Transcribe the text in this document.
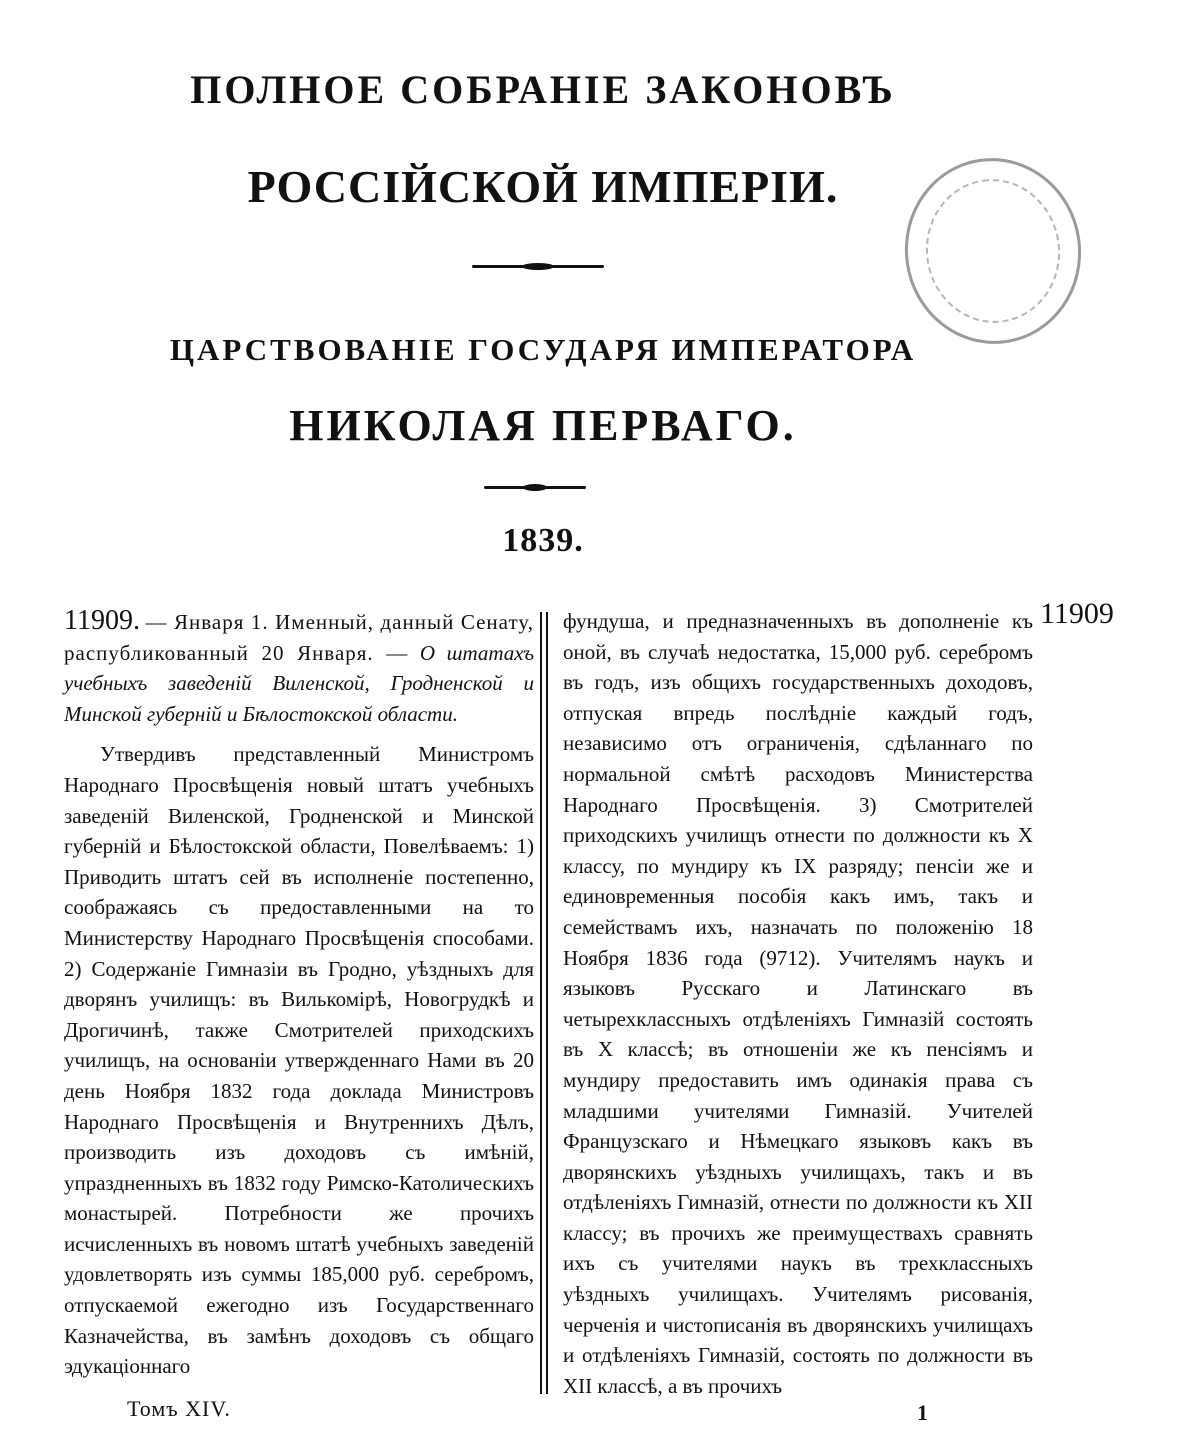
ПОЛНОЕ СОБРАНІЕ ЗАКОНОВЪ
РОССІЙСКОЙ ИМПЕРІИ.
ЦАРСТВОВАНІЕ ГОСУДАРЯ ИМПЕРАТОРА
НИКОЛАЯ ПЕРВАГО.
1839.

11909. — Января 1. Именный, данный Сенату, распубликованный 20 Января. — О штатахъ учебныхъ заведеній Виленской, Гродненской и Минской губерній и Бѣлостокской области.

Утвердивъ представленный Министромъ Народнаго Просвѣщенія новый штатъ учебныхъ заведеній Виленской, Гродненской и Минской губерній и Бѣлостокской области, Повелѣваемъ: 1) Приводить штатъ сей въ исполненіе постепенно, соображаясь съ предоставленными на то Министерству Народнаго Просвѣщенія способами. 2) Содержаніе Гимназіи въ Гродно, уѣздныхъ для дворянъ училищъ: въ Вилькомірѣ, Новогрудкѣ и Дрогичинѣ, также Смотрителей приходскихъ училищъ, на основаніи утвержденнаго Нами въ 20 день Ноября 1832 года доклада Министровъ Народнаго Просвѣщенія и Внутреннихъ Дѣлъ, производить изъ доходовъ съ имѣній, упраздненныхъ въ 1832 году Римско-Католическихъ монастырей. Потребности же прочихъ исчисленныхъ въ новомъ штатѣ учебныхъ заведеній удовлетворять изъ суммы 185,000 руб. серебромъ, отпускаемой ежегодно изъ Государственнаго Казначейства, въ замѣнъ доходовъ съ общаго эдукаціоннаго

фундуша, и предназначенныхъ въ дополненіе къ оной, въ случаѣ недостатка, 15,000 руб. серебромъ въ годъ, изъ общихъ государственныхъ доходовъ, отпуская впредь послѣдніе каждый годъ, независимо отъ ограниченія, сдѣланнаго по нормальной смѣтѣ расходовъ Министерства Народнаго Просвѣщенія. 3) Смотрителей приходскихъ училищъ отнести по должности къ X классу, по мундиру къ IX разряду; пенсіи же и единовременныя пособія какъ имъ, такъ и семействамъ ихъ, назначать по положенію 18 Ноября 1836 года (9712). Учителямъ наукъ и языковъ Русскаго и Латинскаго въ четырехклассныхъ отдѣленіяхъ Гимназій состоять въ X классѣ; въ отношеніи же къ пенсіямъ и мундиру предоставить имъ одинакія права съ младшими учителями Гимназій. Учителей Французскаго и Нѣмецкаго языковъ какъ въ дворянскихъ уѣздныхъ училищахъ, такъ и въ отдѣленіяхъ Гимназій, отнести по должности къ XII классу; въ прочихъ же преимуществахъ сравнять ихъ съ учителями наукъ въ трехклассныхъ уѣздныхъ училищахъ. Учителямъ рисованія, черченія и чистописанія въ дворянскихъ училищахъ и отдѣленіяхъ Гимназій, состоять по должности въ XII классѣ, а въ прочихъ

11909
Томъ XIV.	1
